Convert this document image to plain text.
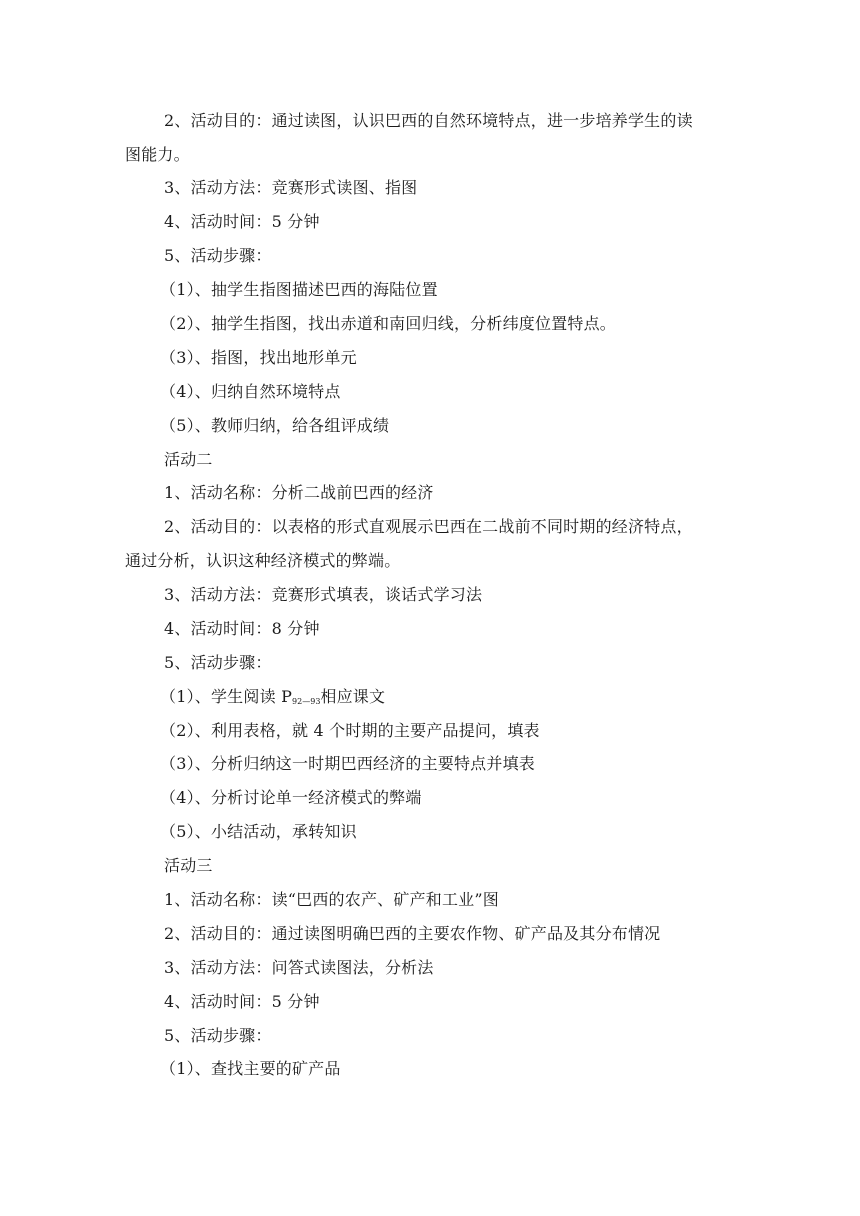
2、活动目的：通过读图，认识巴西的自然环境特点，进一步培养学生的读
图能力。
3、活动方法：竞赛形式读图、指图
4、活动时间：5 分钟
5、活动步骤：
（1）、抽学生指图描述巴西的海陆位置
（2）、抽学生指图，找出赤道和南回归线，分析纬度位置特点。
（3）、指图，找出地形单元
（4）、归纳自然环境特点
（5）、教师归纳，给各组评成绩
活动二
1、活动名称：分析二战前巴西的经济
2、活动目的：以表格的形式直观展示巴西在二战前不同时期的经济特点，
通过分析，认识这种经济模式的弊端。
3、活动方法：竞赛形式填表，谈话式学习法
4、活动时间：8 分钟
5、活动步骤：
（1）、学生阅读 $P_{92—93}$相应课文
（2）、利用表格，就 4 个时期的主要产品提问，填表
（3）、分析归纳这一时期巴西经济的主要特点并填表
（4）、分析讨论单一经济模式的弊端
（5）、小结活动，承转知识
活动三
1、活动名称：读“巴西的农产、矿产和工业”图
2、活动目的：通过读图明确巴西的主要农作物、矿产品及其分布情况
3、活动方法：问答式读图法，分析法
4、活动时间：5 分钟
5、活动步骤：
（1）、查找主要的矿产品
